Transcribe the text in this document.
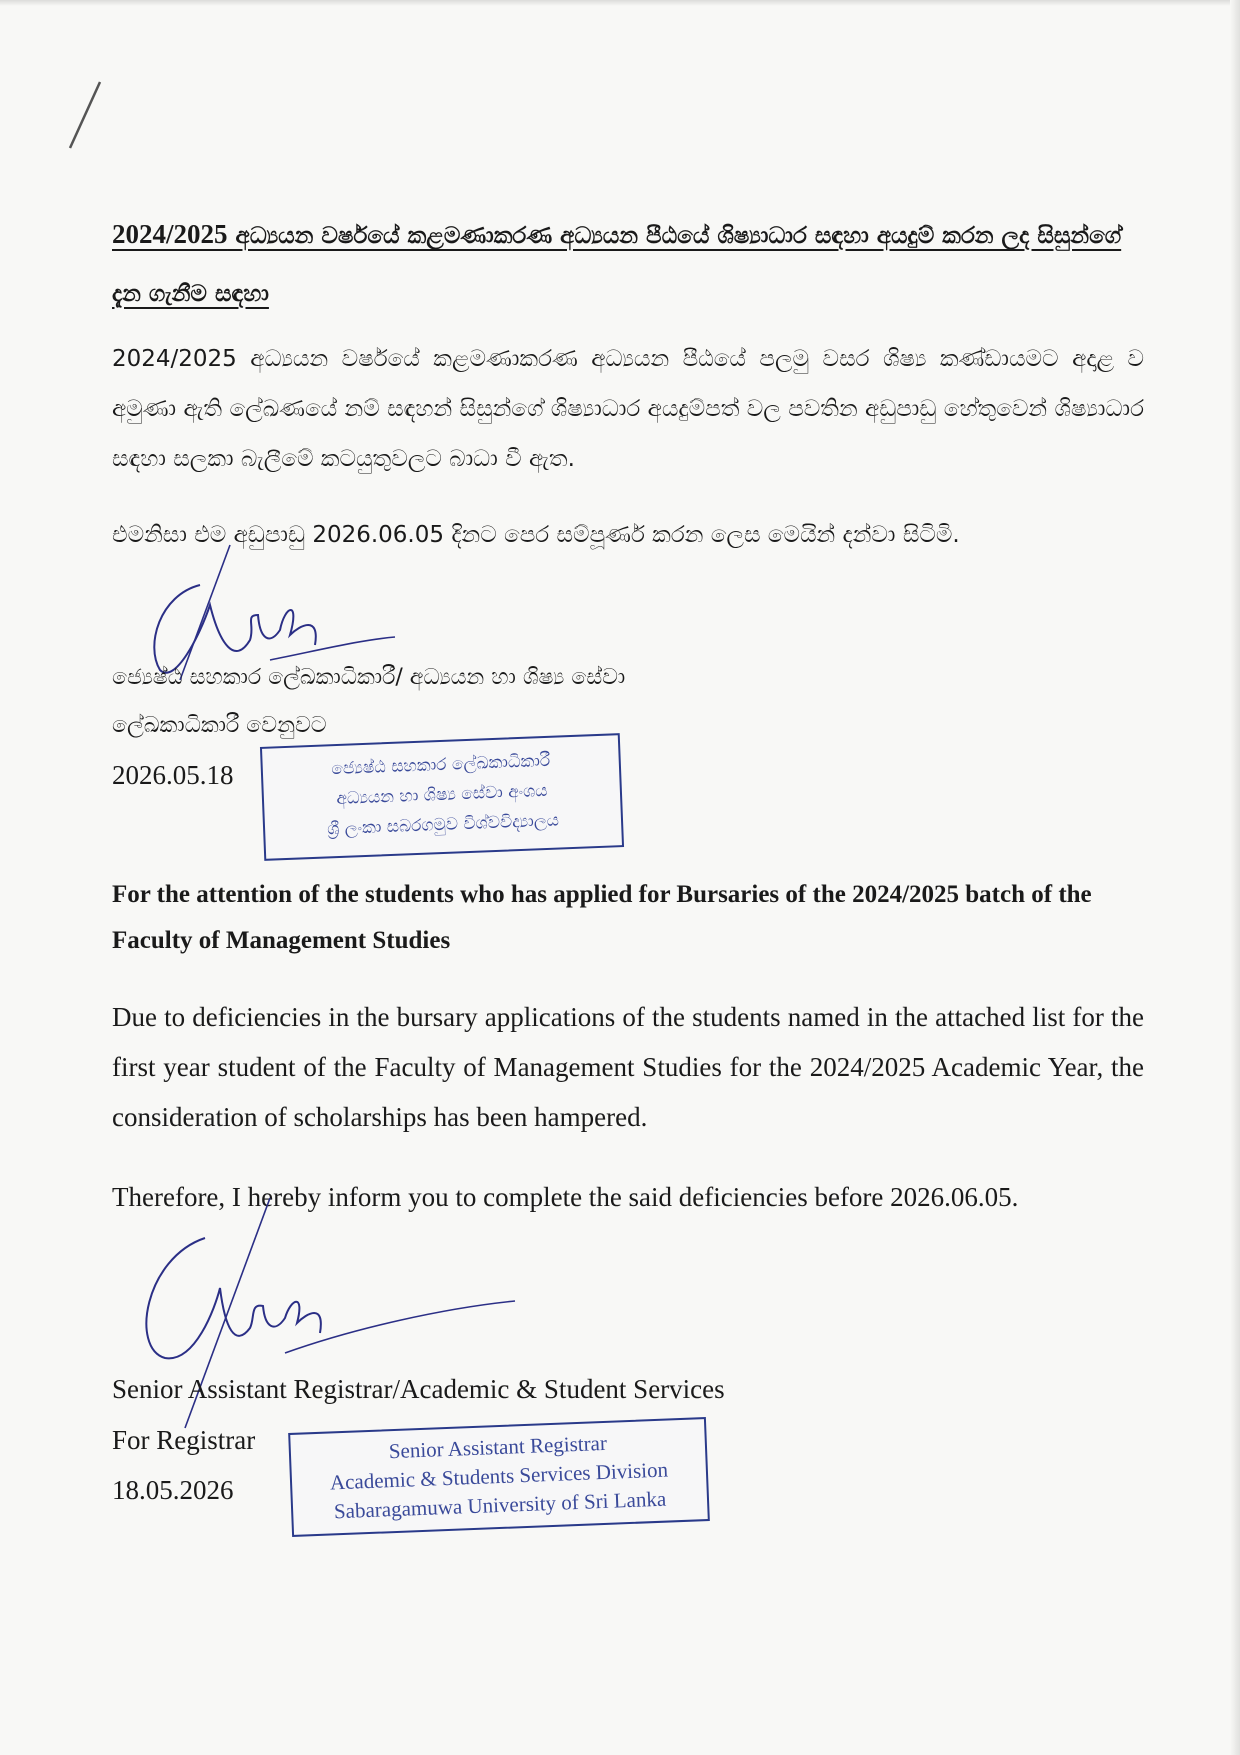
2024/2025 අධ්‍යයන වර්ෂයේ කළමණාකරණ අධ්‍යයන පීඨයේ ශිෂ්‍යාධාර සඳහා අයදුම් කරන ලද සිසුන්ගේ දැන ගැනීම සඳහා
2024/2025 අධ්‍යයන වර්ෂයේ කළමණාකරණ අධ්‍යයන පීඨයේ පලමු වසර ශිෂ්‍ය කණ්ඩායමට අදාළ ව අමුණා ඇති ලේඛණයේ නම් සඳහන් සිසුන්ගේ ශිෂ්‍යාධාර අයදුම්පත් වල පවතින අඩුපාඩු හේතුවෙන් ශිෂ්‍යාධාර සඳහා සලකා බැලීමේ කටයුතුවලට බාධා වී ඇත.
එමනිසා එම අඩුපාඩු 2026.06.05 දිනට පෙර සම්පූර්ණ කරන ලෙස මෙයින් දන්වා සිටිමි.
ජ්‍යෙෂ්ඨ සහකාර ලේඛකාධිකාරී/ අධ්‍යයන හා ශිෂ්‍ය සේවා
ලේඛකාධිකාරී වෙනුවට
2026.05.18	ජ්‍යෙෂ්ඨ සහකාර ලේඛකාධිකාරී
අධ්‍යයන හා ශිෂ්‍ය සේවා අංශය
ශ්‍රී ලංකා සබරගමුව විශ්වවිද්‍යාලය
For the attention of the students who has applied for Bursaries of the 2024/2025 batch of the Faculty of Management Studies
Due to deficiencies in the bursary applications of the students named in the attached list for the first year student of the Faculty of Management Studies for the 2024/2025 Academic Year, the consideration of scholarships has been hampered.
Therefore, I hereby inform you to complete the said deficiencies before 2026.06.05.
Senior Assistant Registrar/Academic & Student Services
For Registrar
18.05.2026
Senior Assistant Registrar
Academic & Students Services Division
Sabaragamuwa University of Sri Lanka
